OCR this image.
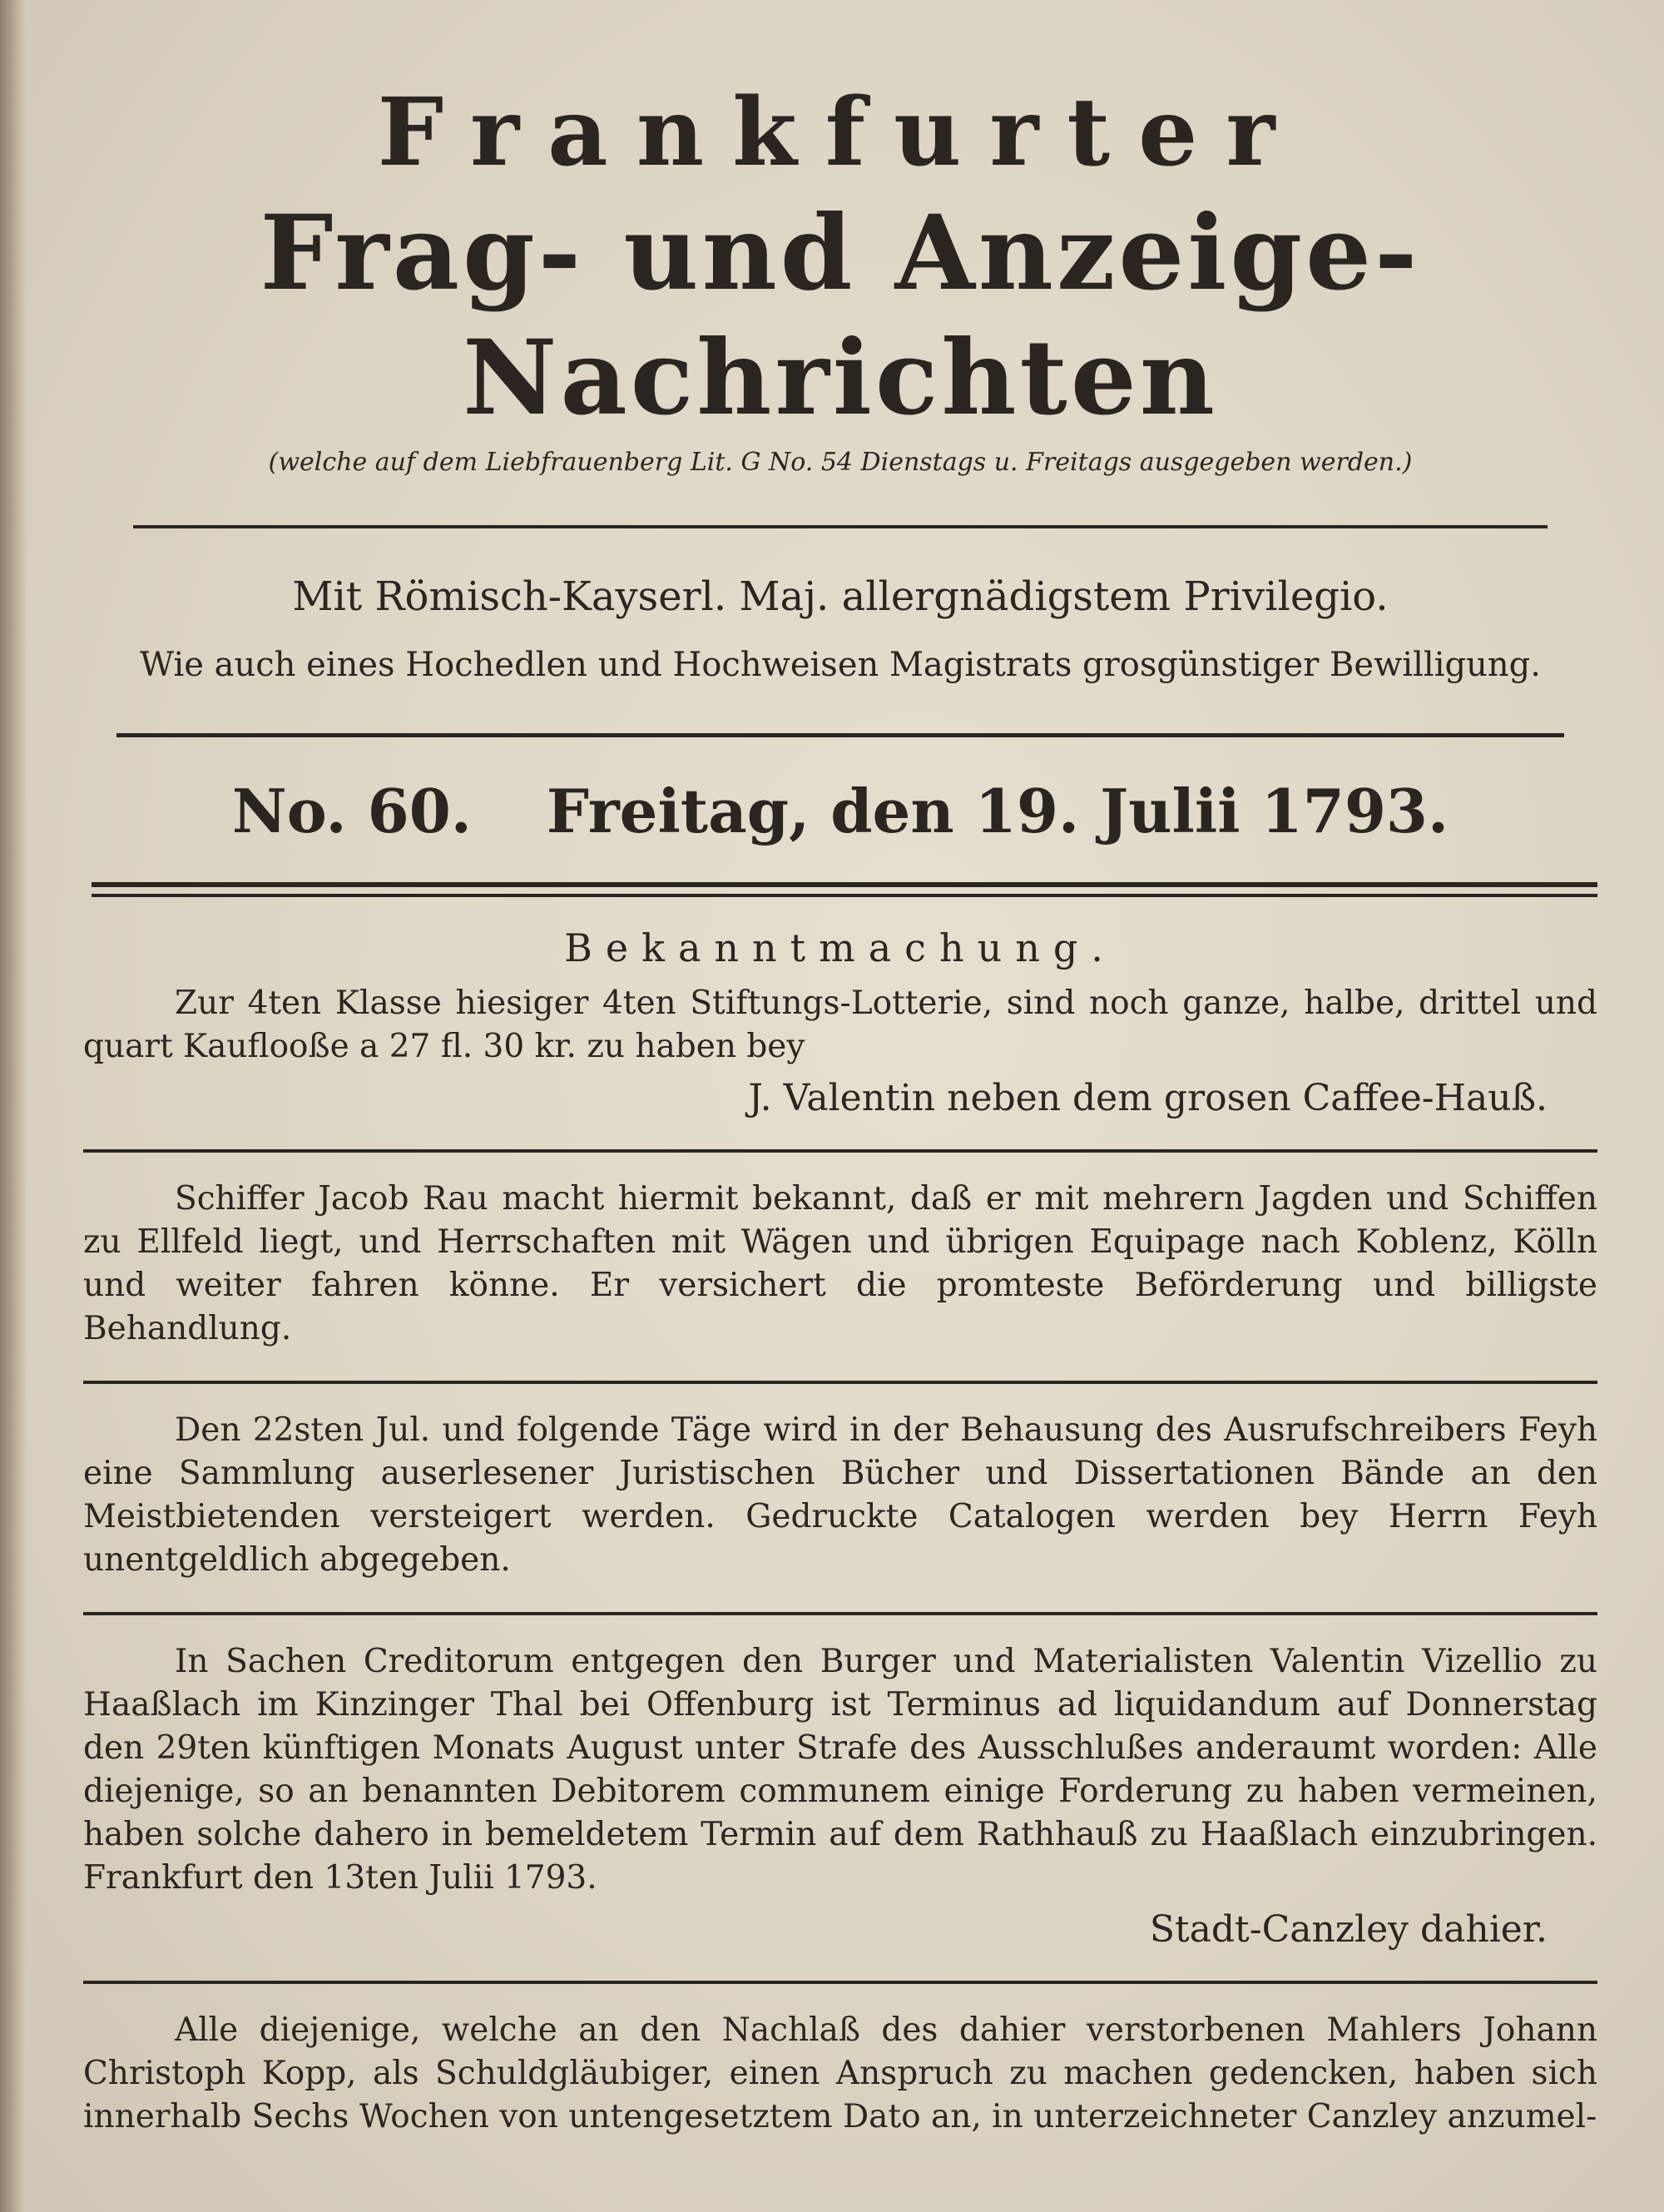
Frankfurter
Frag- und Anzeige-Nachrichten
(welche auf dem Liebfrauenberg Lit. G No. 54 Dienstags u. Freitags ausgegeben werden.)
Mit Römisch-Kayserl. Maj. allergnädigstem Privilegio.
Wie auch eines Hochedlen und Hochweisen Magistrats grosgünstiger Bewilligung.
No. 60. Freitag, den 19. Julii 1793.
Bekanntmachung.
Zur 4ten Klasse hiesiger 4ten Stiftungs-Lotterie, sind noch ganze, halbe, drittel und quart Kauflooße a 27 fl. 30 kr. zu haben bey
J. Valentin neben dem grosen Caffee-Hauß.
Schiffer Jacob Rau macht hiermit bekannt, daß er mit mehrern Jagden und Schiffen zu Ellfeld liegt, und Herrschaften mit Wägen und übrigen Equipage nach Koblenz, Kölln und weiter fahren könne. Er versichert die promteste Beförderung und billigste Behandlung.
Den 22sten Jul. und folgende Täge wird in der Behausung des Ausrufschreibers Feyh eine Sammlung auserlesener Juristischen Bücher und Dissertationen Bände an den Meistbietenden versteigert werden. Gedruckte Catalogen werden bey Herrn Feyh unentgeldlich abgegeben.
In Sachen Creditorum entgegen den Burger und Materialisten Valentin Vizellio zu Haaßlach im Kinzinger Thal bei Offenburg ist Terminus ad liquidandum auf Donnerstag den 29ten künftigen Monats August unter Strafe des Ausschlußes anderaumt worden: Alle diejenige, so an benannten Debitorem communem einige Forderung zu haben vermeinen, haben solche dahero in bemeldetem Termin auf dem Rathhauß zu Haaßlach einzubringen. Frankfurt den 13ten Julii 1793.
Stadt-Canzley dahier.
Alle diejenige, welche an den Nachlaß des dahier verstorbenen Mahlers Johann Christoph Kopp, als Schuldgläubiger, einen Anspruch zu machen gedencken, haben sich innerhalb Sechs Wochen von untengesetztem Dato an, in unterzeichneter Canzley anzumel-
